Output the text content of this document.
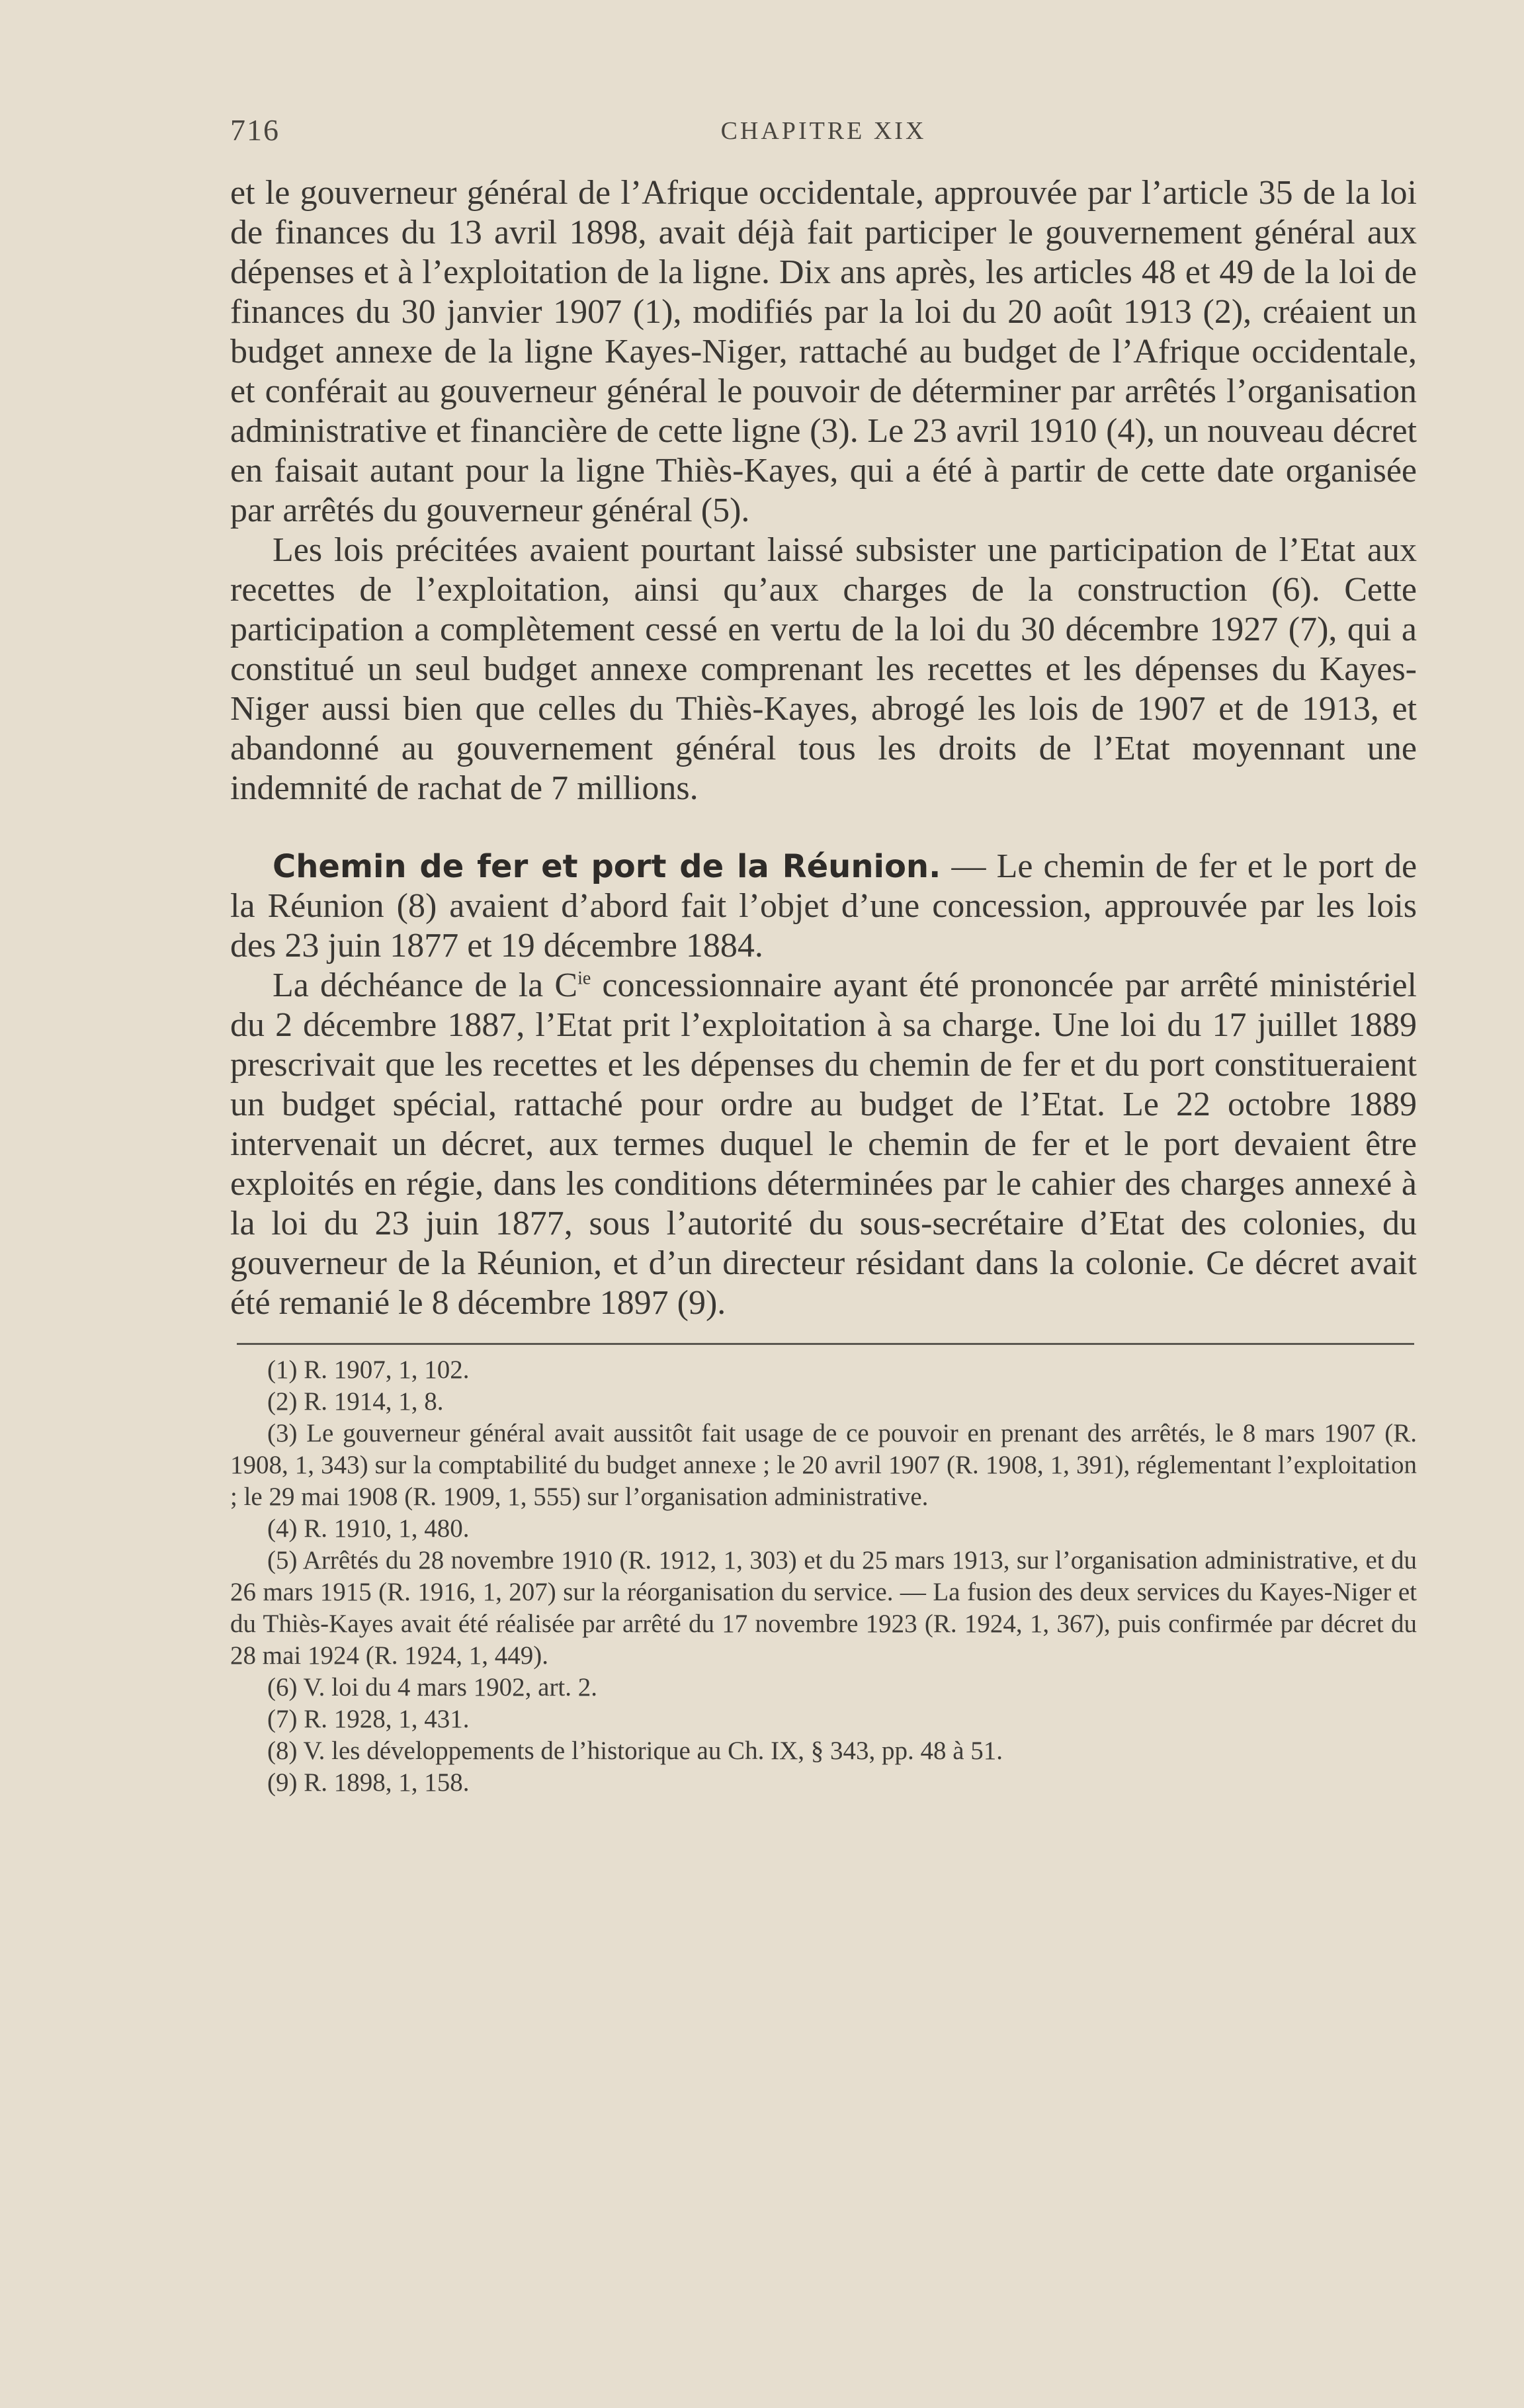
716	CHAPITRE XIX

et le gouverneur général de l’Afrique occidentale, approuvée par l’article 35 de la loi de finances du 13 avril 1898, avait déjà fait participer le gouvernement général aux dépenses et à l’exploitation de la ligne. Dix ans après, les articles 48 et 49 de la loi de finances du 30 janvier 1907 (1), modifiés par la loi du 20 août 1913 (2), créaient un budget annexe de la ligne Kayes-Niger, rattaché au budget de l’Afrique occidentale, et conférait au gouverneur général le pouvoir de déterminer par arrêtés l’organisation administrative et financière de cette ligne (3). Le 23 avril 1910 (4), un nouveau décret en faisait autant pour la ligne Thiès-Kayes, qui a été à partir de cette date organisée par arrêtés du gouverneur général (5).

Les lois précitées avaient pourtant laissé subsister une participation de l’Etat aux recettes de l’exploitation, ainsi qu’aux charges de la construction (6). Cette participation a complètement cessé en vertu de la loi du 30 décembre 1927 (7), qui a constitué un seul budget annexe comprenant les recettes et les dépenses du Kayes-Niger aussi bien que celles du Thiès-Kayes, abrogé les lois de 1907 et de 1913, et abandonné au gouvernement général tous les droits de l’Etat moyennant une indemnité de rachat de 7 millions.

Chemin de fer et port de la Réunion. — Le chemin de fer et le port de la Réunion (8) avaient d’abord fait l’objet d’une concession, approuvée par les lois des 23 juin 1877 et 19 décembre 1884.

La déchéance de la $C^{ie}$ concessionnaire ayant été prononcée par arrêté ministériel du 2 décembre 1887, l’Etat prit l’exploitation à sa charge. Une loi du 17 juillet 1889 prescrivait que les recettes et les dépenses du chemin de fer et du port constitueraient un budget spécial, rattaché pour ordre au budget de l’Etat. Le 22 octobre 1889 intervenait un décret, aux termes duquel le chemin de fer et le port devaient être exploités en régie, dans les conditions déterminées par le cahier des charges annexé à la loi du 23 juin 1877, sous l’autorité du sous-secrétaire d’Etat des colonies, du gouverneur de la Réunion, et d’un directeur résidant dans la colonie. Ce décret avait été remanié le 8 décembre 1897 (9).

(1) R. 1907, 1, 102.

(2) R. 1914, 1, 8.

(3) Le gouverneur général avait aussitôt fait usage de ce pouvoir en prenant des arrêtés, le 8 mars 1907 (R. 1908, 1, 343) sur la comptabilité du budget annexe ; le 20 avril 1907 (R. 1908, 1, 391), réglementant l’exploitation ; le 29 mai 1908 (R. 1909, 1, 555) sur l’organisation administrative.

(4) R. 1910, 1, 480.

(5) Arrêtés du 28 novembre 1910 (R. 1912, 1, 303) et du 25 mars 1913, sur l’organisation administrative, et du 26 mars 1915 (R. 1916, 1, 207) sur la réorganisation du service. — La fusion des deux services du Kayes-Niger et du Thiès-Kayes avait été réalisée par arrêté du 17 novembre 1923 (R. 1924, 1, 367), puis confirmée par décret du 28 mai 1924 (R. 1924, 1, 449).

(6) V. loi du 4 mars 1902, art. 2.

(7) R. 1928, 1, 431.

(8) V. les développements de l’historique au Ch. IX, § 343, pp. 48 à 51.

(9) R. 1898, 1, 158.
